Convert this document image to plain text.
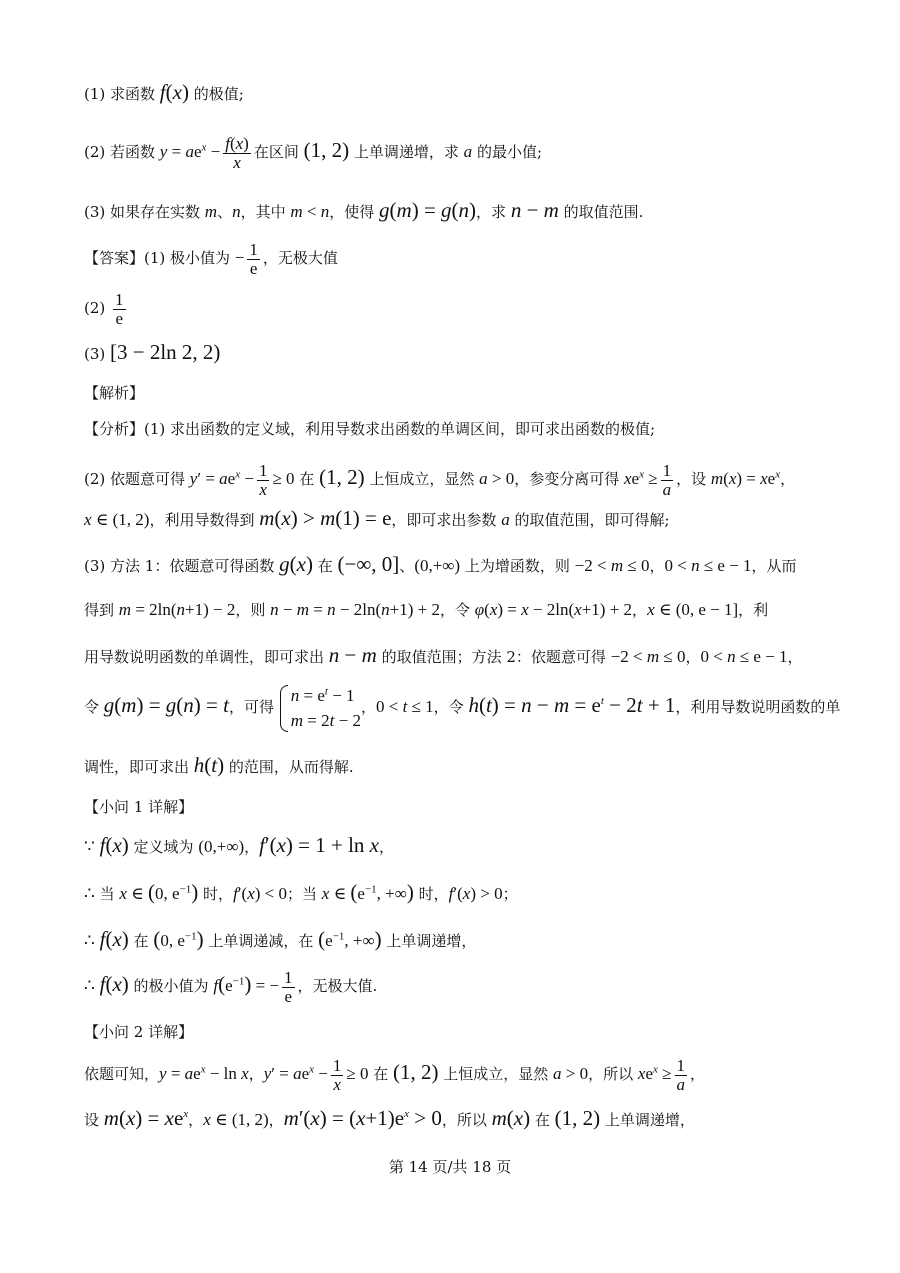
(1) 求函数 f(x) 的极值;
(2) 若函数 $y = ae^x - \frac{f(x)}{x}$ 在区间 (1, 2) 上单调递增，求 a 的最小值;
(3) 如果存在实数 m、n，其中 m < n，使得 g(m) = g(n)，求 n − m 的取值范围.
【答案】(1) 极小值为 − $\frac{1}{e}$ ，无极大值
$(2) \frac{1}{e}$
(3) [3 − 2ln 2, 2)
【解析】
【分析】(1) 求出函数的定义域，利用导数求出函数的单调区间，即可求出函数的极值;
(2) 依题意可得 $y' = ae^x - \frac{1}{x} \ge 0$ 在 (1, 2) 上恒成立，显然 a > 0，参变分离可得 $xe^x \ge \frac{1}{a}$ ，设 $m(x) = xe^x$，
x ∈ (1, 2)，利用导数得到 m(x) > m(1) = e，即可求出参数 a 的取值范围，即可得解;
(3) 方法 1：依题意可得函数 g(x) 在 (−∞, 0]、(0,+∞) 上为增函数，则 −2 < m ≤ 0，0 < n ≤ e − 1，从而
得到 m = 2ln(n+1) − 2，则 n − m = n − 2ln(n+1) + 2，令 φ(x) = x − 2ln(x+1) + 2，x ∈ (0, e − 1]，利
用导数说明函数的单调性，即可求出 n − m 的取值范围；方法 2：依题意可得 −2 < m ≤ 0，0 < n ≤ e − 1，
令 g(m) = g(n) = t，可得
$n = e^t - 1$
m = 2t − 2
，0 < t ≤ 1，令 $h(t) = n - m = e^t - 2t + 1$，利用导数说明函数的单
调性，即可求出 h(t) 的范围，从而得解.
【小问 1 详解】
∵ f(x) 定义域为 (0,+∞)，f′(x) = 1 + ln x，
∴ 当 x ∈ (0, $e^{-1}$) 时，f′(x) < 0；当 x ∈ ($e^{-1}$, +∞) 时，f′(x) > 0；
∴ f(x) 在 (0, $e^{-1}$) 上单调递减，在 ($e^{-1}$, +∞) 上单调递增，
∴ f(x) 的极小值为 $f(e^{-1})$ = − $\frac{1}{e}$ ，无极大值.
【小问 2 详解】
依题可知，$y = ae^x - \ln x$，$y' = ae^x - \frac{1}{x} \ge 0$ 在 (1, 2) 上恒成立，显然 a > 0，所以 $xe^x \ge \frac{1}{a}$ ，
设 $m(x) = xe^x$，x ∈ (1, 2)，$m'(x) = (x+1)e^x > 0$，所以 m(x) 在 (1, 2) 上单调递增，
第 14 页/共 18 页
